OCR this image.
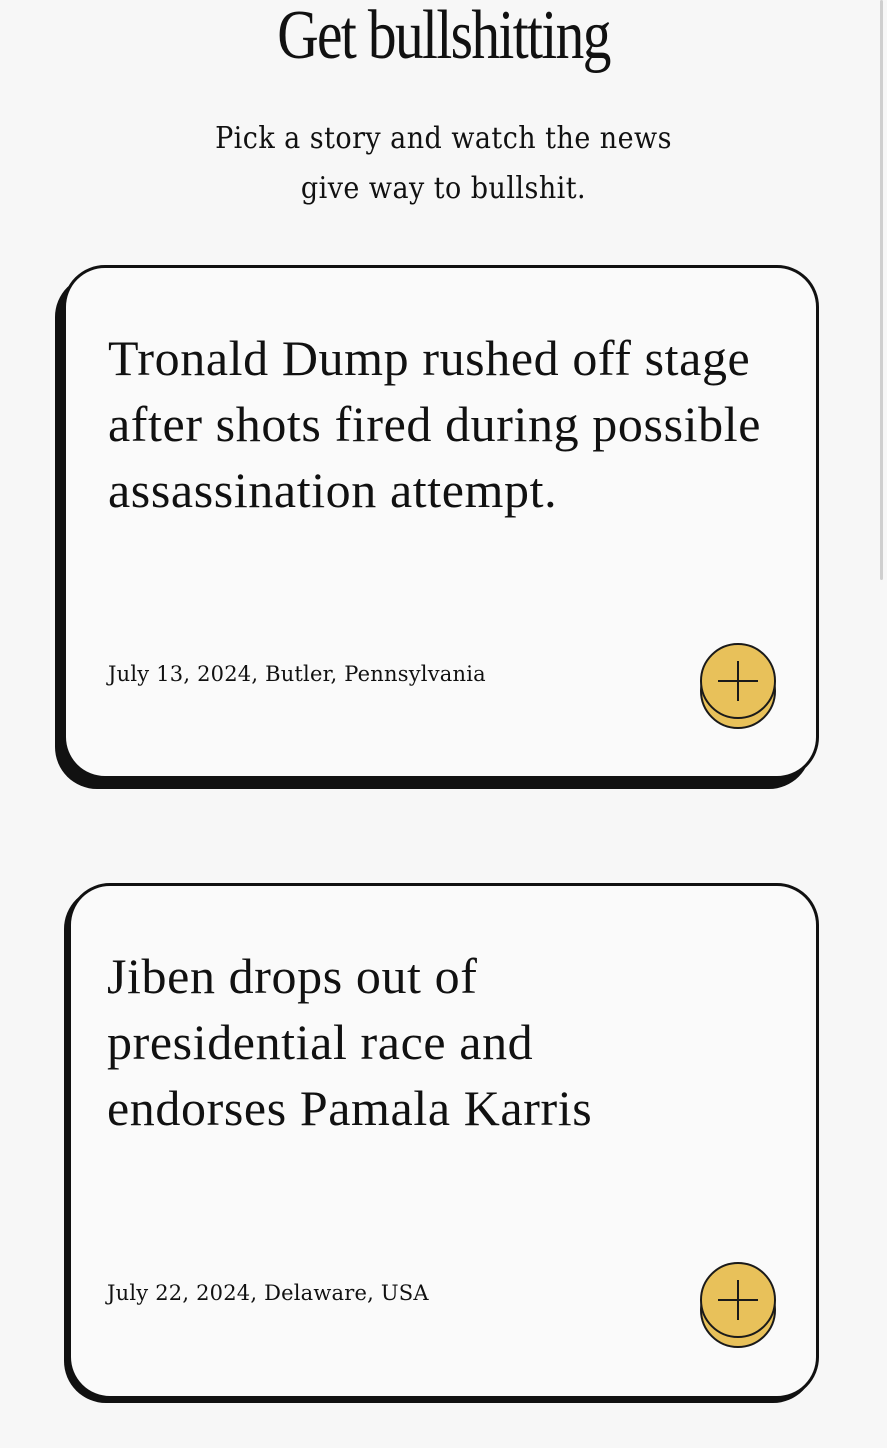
Get bullshitting

Pick a story and watch the news give way to bullshit.

Tronald Dump rushed off stage after shots fired during possible assassination attempt.
July 13, 2024, Butler, Pennsylvania
Jiben drops out of presidential race and endorses Pamala Karris
July 22, 2024, Delaware, USA
